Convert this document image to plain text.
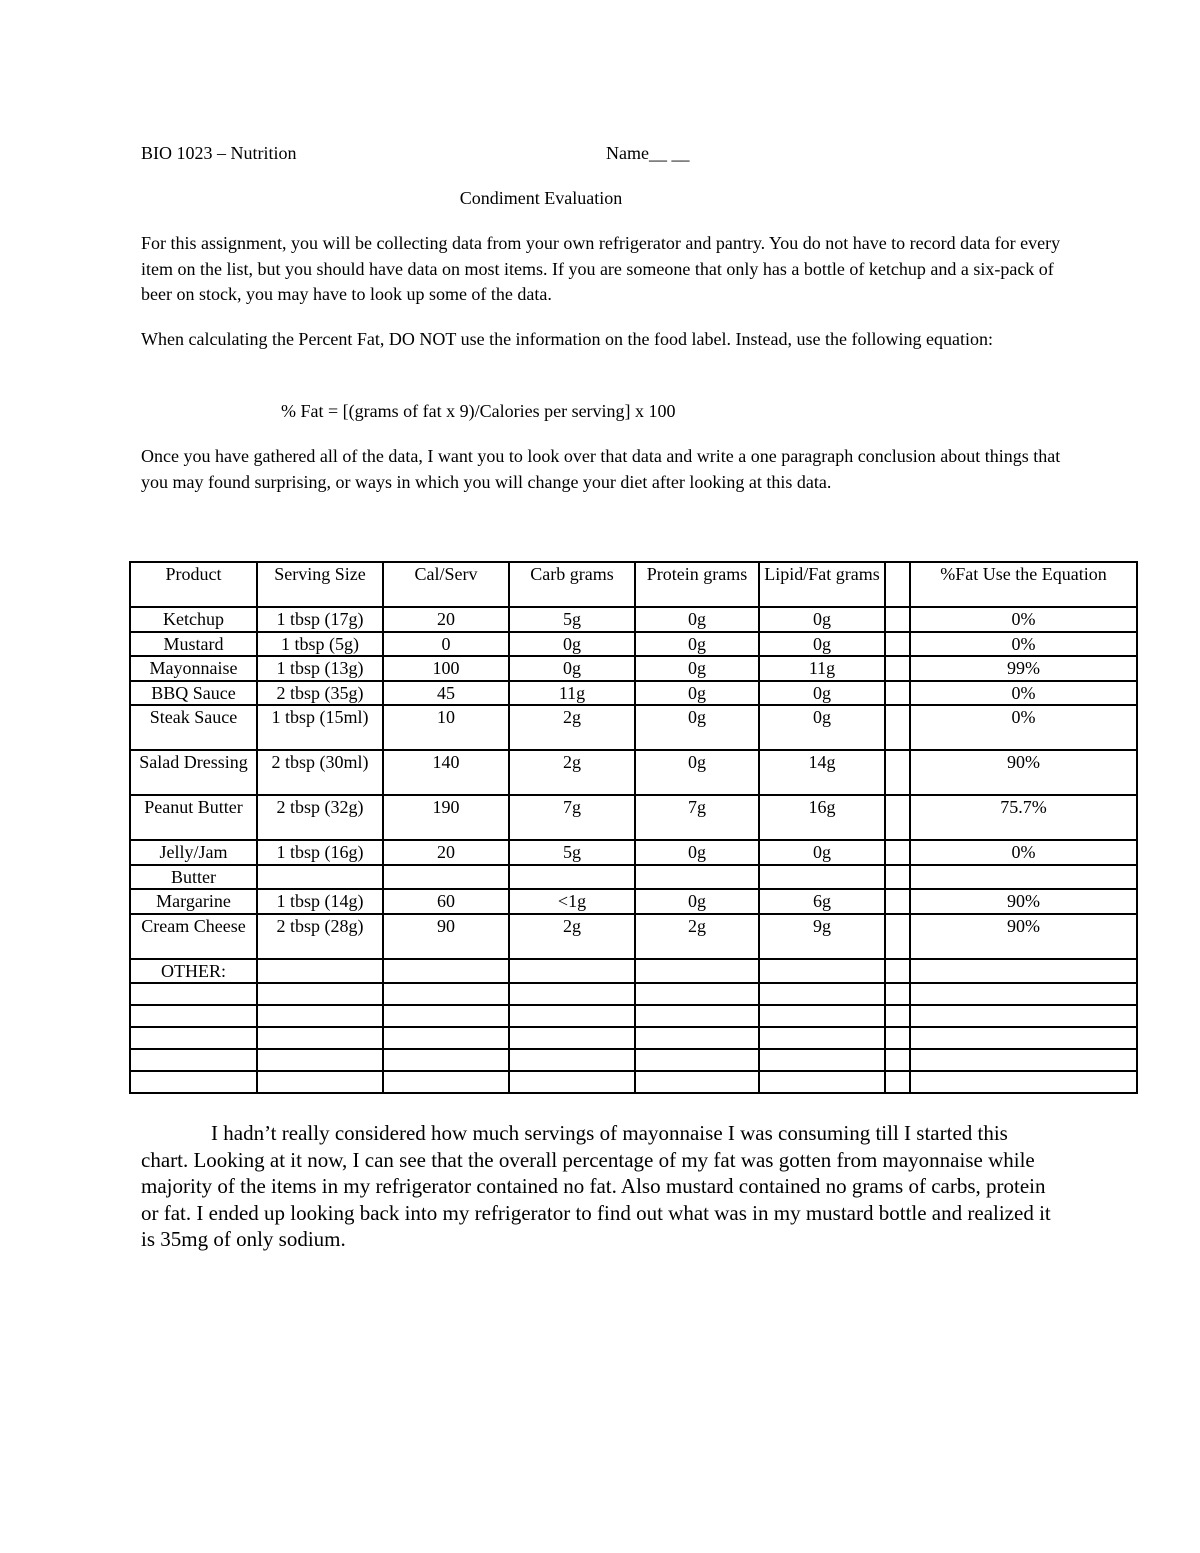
BIO 1023 – Nutrition	Name__ __

Condiment Evaluation

For this assignment, you will be collecting data from your own refrigerator and pantry. You do not have to record data for every item on the list, but you should have data on most items. If you are someone that only has a bottle of ketchup and a six-pack of beer on stock, you may have to look up some of the data.

When calculating the Percent Fat, DO NOT use the information on the food label. Instead, use the following equation:

% Fat = [(grams of fat x 9)/Calories per serving] x 100

Once you have gathered all of the data, I want you to look over that data and write a one paragraph conclusion about things that you may found surprising, or ways in which you will change your diet after looking at this data.

Product	Serving Size	Cal/Serv	Carb grams	Protein grams	Lipid/Fat grams		%Fat Use the Equation
Ketchup	1 tbsp (17g)	20	5g	0g	0g		0%
Mustard	1 tbsp (5g)	0	0g	0g	0g		0%
Mayonnaise	1 tbsp (13g)	100	0g	0g	11g		99%
BBQ Sauce	2 tbsp (35g)	45	11g	0g	0g		0%
Steak Sauce	1 tbsp (15ml)	10	2g	0g	0g		0%
Salad Dressing	2 tbsp (30ml)	140	2g	0g	14g		90%
Peanut Butter	2 tbsp (32g)	190	7g	7g	16g		75.7%
Jelly/Jam	1 tbsp (16g)	20	5g	0g	0g		0%
Butter							
Margarine	1 tbsp (14g)	60	<1g	0g	6g		90%
Cream Cheese	2 tbsp (28g)	90	2g	2g	9g		90%
OTHER:							

I hadn’t really considered how much servings of mayonnaise I was consuming till I started this chart. Looking at it now, I can see that the overall percentage of my fat was gotten from mayonnaise while majority of the items in my refrigerator contained no fat. Also mustard contained no grams of carbs, protein or fat. I ended up looking back into my refrigerator to find out what was in my mustard bottle and realized it is 35mg of only sodium.
